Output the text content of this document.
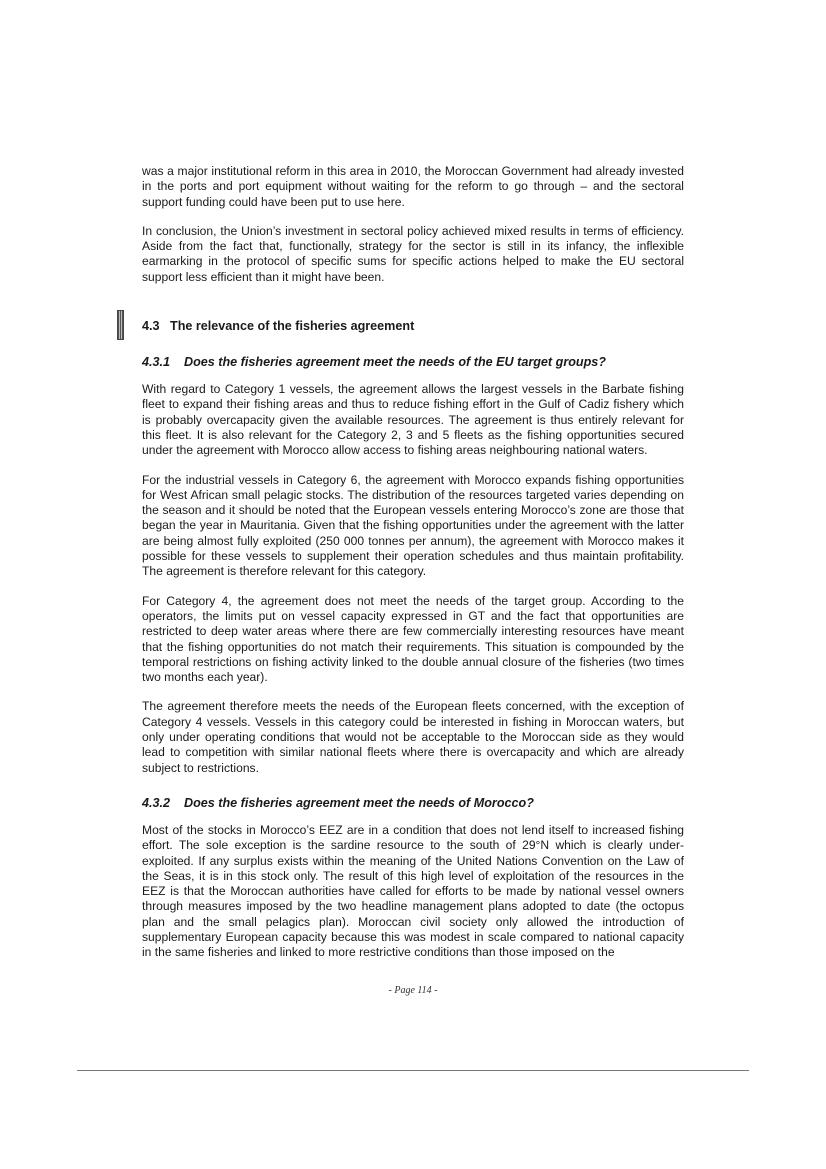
was a major institutional reform in this area in 2010, the Moroccan Government had already invested in the ports and port equipment without waiting for the reform to go through – and the sectoral support funding could have been put to use here.

In conclusion, the Union’s investment in sectoral policy achieved mixed results in terms of efficiency. Aside from the fact that, functionally, strategy for the sector is still in its infancy, the inflexible earmarking in the protocol of specific sums for specific actions helped to make the EU sectoral support less efficient than it might have been.

4.3 The relevance of the fisheries agreement
4.3.1	Does the fisheries agreement meet the needs of the EU target groups?

With regard to Category 1 vessels, the agreement allows the largest vessels in the Barbate fishing fleet to expand their fishing areas and thus to reduce fishing effort in the Gulf of Cadiz fishery which is probably overcapacity given the available resources. The agreement is thus entirely relevant for this fleet. It is also relevant for the Category 2, 3 and 5 fleets as the fishing opportunities secured under the agreement with Morocco allow access to fishing areas neighbouring national waters.

For the industrial vessels in Category 6, the agreement with Morocco expands fishing opportunities for West African small pelagic stocks. The distribution of the resources targeted varies depending on the season and it should be noted that the European vessels entering Morocco’s zone are those that began the year in Mauritania. Given that the fishing opportunities under the agreement with the latter are being almost fully exploited (250 000 tonnes per annum), the agreement with Morocco makes it possible for these vessels to supplement their operation schedules and thus maintain profitability. The agreement is therefore relevant for this category.

For Category 4, the agreement does not meet the needs of the target group. According to the operators, the limits put on vessel capacity expressed in GT and the fact that opportunities are restricted to deep water areas where there are few commercially interesting resources have meant that the fishing opportunities do not match their requirements. This situation is compounded by the temporal restrictions on fishing activity linked to the double annual closure of the fisheries (two times two months each year).

The agreement therefore meets the needs of the European fleets concerned, with the exception of Category 4 vessels. Vessels in this category could be interested in fishing in Moroccan waters, but only under operating conditions that would not be acceptable to the Moroccan side as they would lead to competition with similar national fleets where there is overcapacity and which are already subject to restrictions.

4.3.2	Does the fisheries agreement meet the needs of Morocco?

Most of the stocks in Morocco’s EEZ are in a condition that does not lend itself to increased fishing effort. The sole exception is the sardine resource to the south of 29°N which is clearly under-exploited. If any surplus exists within the meaning of the United Nations Convention on the Law of the Seas, it is in this stock only. The result of this high level of exploitation of the resources in the EEZ is that the Moroccan authorities have called for efforts to be made by national vessel owners through measures imposed by the two headline management plans adopted to date (the octopus plan and the small pelagics plan). Moroccan civil society only allowed the introduction of supplementary European capacity because this was modest in scale compared to national capacity in the same fisheries and linked to more restrictive conditions than those imposed on the

- Page 114 -
